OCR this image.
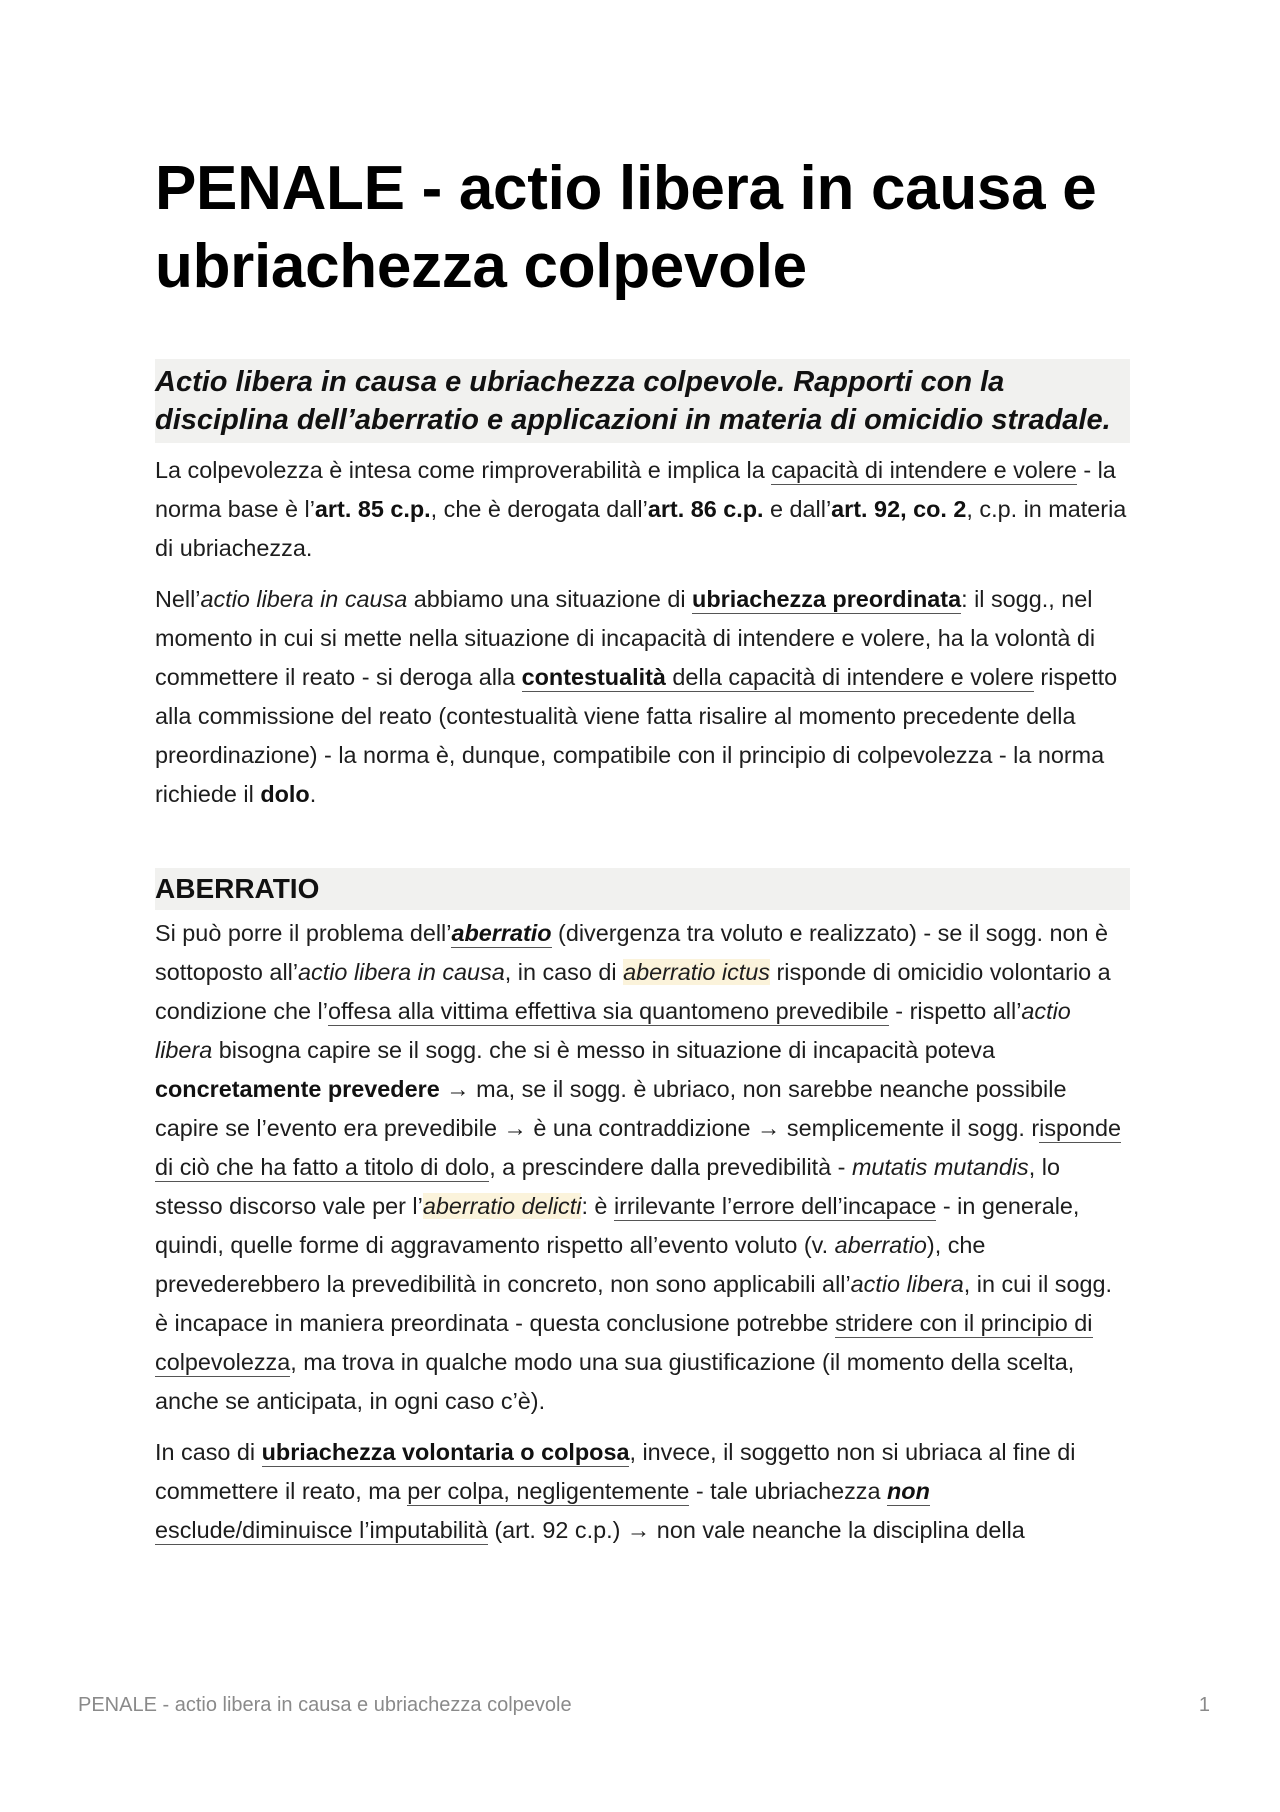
PENALE - actio libera in causa e ubriachezza colpevole
Actio libera in causa e ubriachezza colpevole. Rapporti con la disciplina dell’aberratio e applicazioni in materia di omicidio stradale.

La colpevolezza è intesa come rimproverabilità e implica la capacità di intendere e volere - la norma base è l’art. 85 c.p., che è derogata dall’art. 86 c.p. e dall’art. 92, co. 2, c.p. in materia di ubriachezza.

Nell’actio libera in causa abbiamo una situazione di ubriachezza preordinata: il sogg., nel momento in cui si mette nella situazione di incapacità di intendere e volere, ha la volontà di commettere il reato - si deroga alla contestualità della capacità di intendere e volere rispetto alla commissione del reato (contestualità viene fatta risalire al momento precedente della preordinazione) - la norma è, dunque, compatibile con il principio di colpevolezza - la norma richiede il dolo.

ABERRATIO

Si può porre il problema dell’aberratio (divergenza tra voluto e realizzato) - se il sogg. non è sottoposto all’actio libera in causa, in caso di aberratio ictus risponde di omicidio volontario a condizione che l’offesa alla vittima effettiva sia quantomeno prevedibile - rispetto all’actio libera bisogna capire se il sogg. che si è messo in situazione di incapacità poteva concretamente prevedere → ma, se il sogg. è ubriaco, non sarebbe neanche possibile capire se l’evento era prevedibile → è una contraddizione → semplicemente il sogg. risponde di ciò che ha fatto a titolo di dolo, a prescindere dalla prevedibilità - mutatis mutandis, lo stesso discorso vale per l’aberratio delicti: è irrilevante l’errore dell’incapace - in generale, quindi, quelle forme di aggravamento rispetto all’evento voluto (v. aberratio), che prevederebbero la prevedibilità in concreto, non sono applicabili all’actio libera, in cui il sogg. è incapace in maniera preordinata - questa conclusione potrebbe stridere con il principio di colpevolezza, ma trova in qualche modo una sua giustificazione (il momento della scelta, anche se anticipata, in ogni caso c’è).

In caso di ubriachezza volontaria o colposa, invece, il soggetto non si ubriaca al fine di commettere il reato, ma per colpa, negligentemente - tale ubriachezza non esclude/diminuisce l’imputabilità (art. 92 c.p.) → non vale neanche la disciplina della

PENALE - actio libera in causa e ubriachezza colpevole	1
